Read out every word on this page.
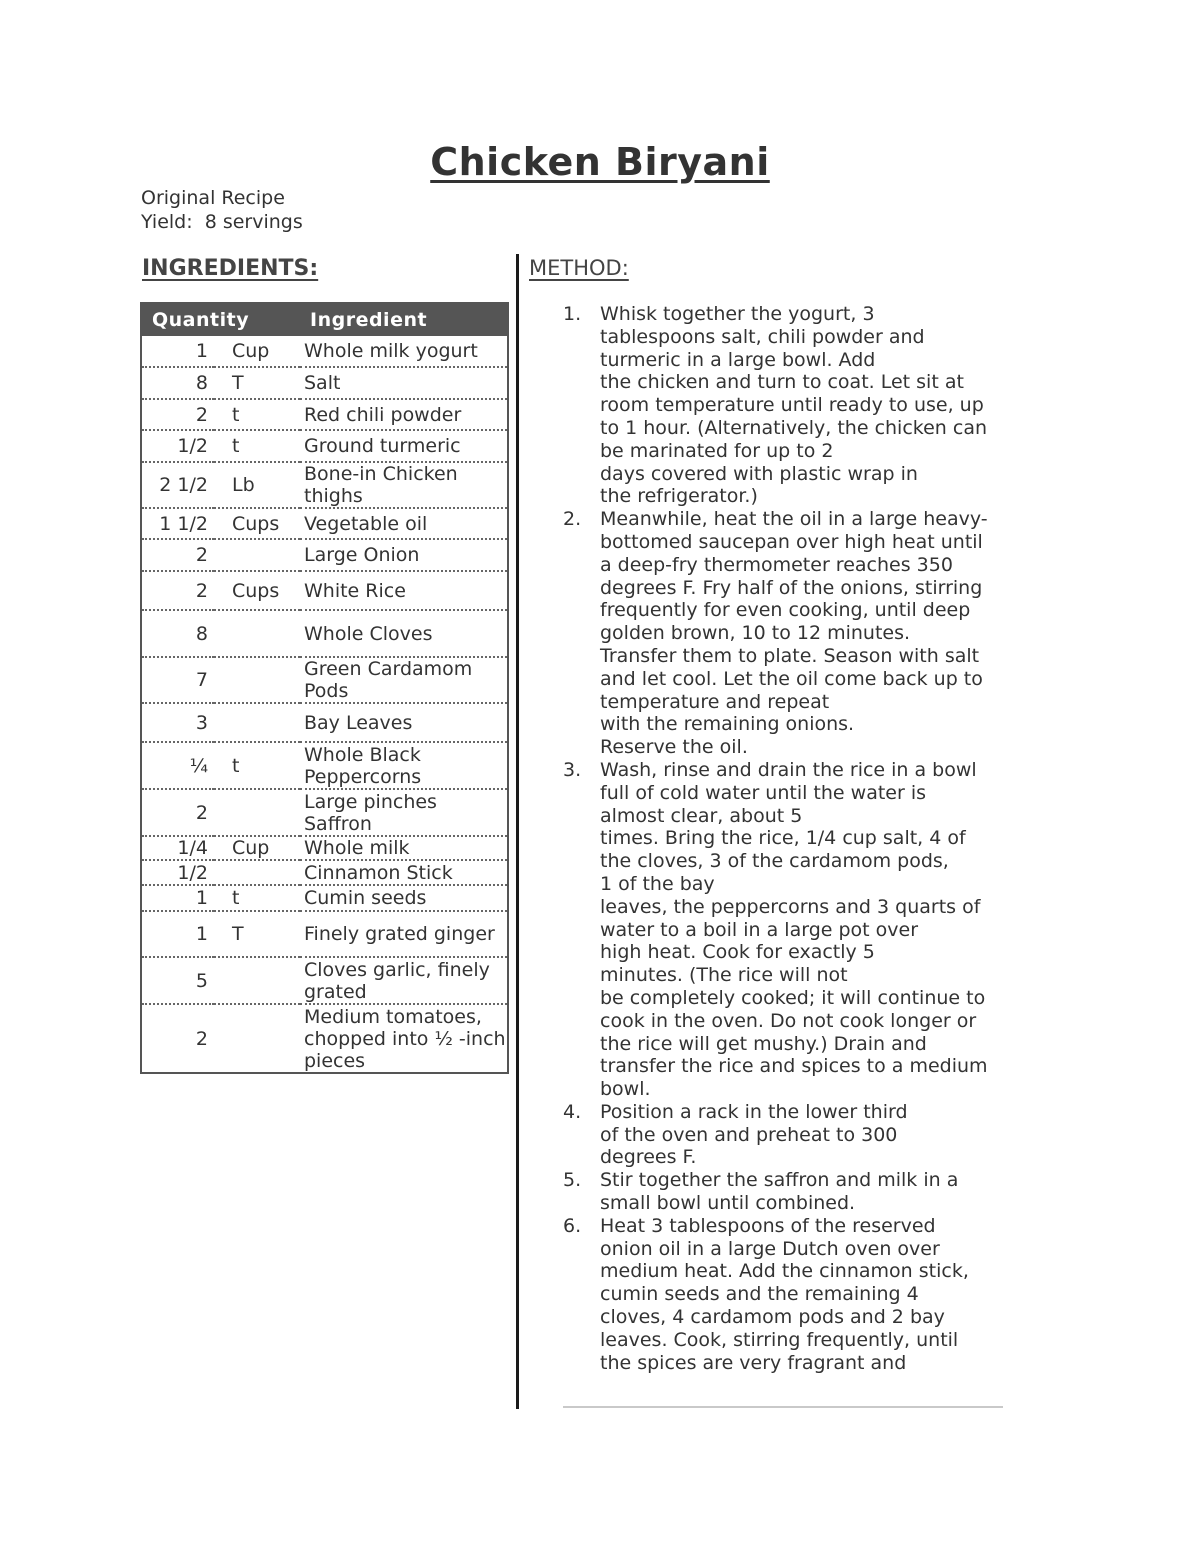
Chicken Biryani
Original Recipe
Yield:  8 servings
INGREDIENTS:	METHOD:
Quantity		Ingredient
1	Cup	Whole milk yogurt
8	T	Salt
2	t	Red chili powder
1/2	t	Ground turmeric
2 1/2	Lb	Bone-in Chicken thighs
1 1/2	Cups	Vegetable oil
2		Large Onion
2	Cups	White Rice
8		Whole Cloves
7		Green Cardamom Pods
3		Bay Leaves
¼	t	Whole Black Peppercorns
2		Large pinches Saffron
1/4	Cup	Whole milk
1/2		Cinnamon Stick
1	t	Cumin seeds
1	T	Finely grated ginger
5		Cloves garlic, finely grated
2		Medium tomatoes, chopped into ½ -inch pieces
1. Whisk together the yogurt, 3
tablespoons salt, chili powder and
turmeric in a large bowl. Add
the chicken and turn to coat. Let sit at
room temperature until ready to use, up
to 1 hour. (Alternatively, the chicken can
be marinated for up to 2
days covered with plastic wrap in
the refrigerator.)
2. Meanwhile, heat the oil in a large heavy-
bottomed saucepan over high heat until
a deep-fry thermometer reaches 350
degrees F. Fry half of the onions, stirring
frequently for even cooking, until deep
golden brown, 10 to 12 minutes.
Transfer them to plate. Season with salt
and let cool. Let the oil come back up to
temperature and repeat
with the remaining onions.
Reserve the oil.
3. Wash, rinse and drain the rice in a bowl
full of cold water until the water is
almost clear, about 5
times. Bring the rice, 1/4 cup salt, 4 of
the cloves, 3 of the cardamom pods,
1 of the bay
leaves, the peppercorns and 3 quarts of
water to a boil in a large pot over
high heat. Cook for exactly 5
minutes. (The rice will not
be completely cooked; it will continue to
cook in the oven. Do not cook longer or
the rice will get mushy.) Drain and
transfer the rice and spices to a medium
bowl.
4. Position a rack in the lower third
of the oven and preheat to 300
degrees F.
5. Stir together the saffron and milk in a
small bowl until combined.
6. Heat 3 tablespoons of the reserved
onion oil in a large Dutch oven over
medium heat. Add the cinnamon stick,
cumin seeds and the remaining 4
cloves, 4 cardamom pods and 2 bay
leaves. Cook, stirring frequently, until
the spices are very fragrant and
